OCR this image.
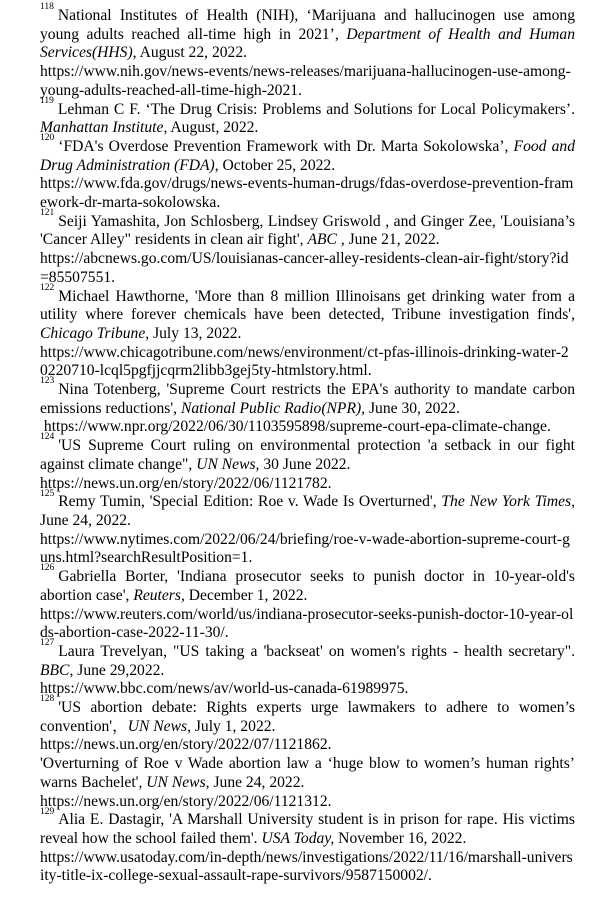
$^{118}$ National Institutes of Health (NIH), ‘Marijuana and hallucinogen use among young adults reached all-time high in 2021’, Department of Health and Human Services(HHS), August 22, 2022.

https://www.nih.gov/news-events/news-releases/marijuana-hallucinogen-use-among-young-adults-reached-all-time-high-2021.

$^{119}$ Lehman C F. ‘The Drug Crisis: Problems and Solutions for Local Policymakers’. Manhattan Institute, August, 2022.

$^{120}$ ‘FDA's Overdose Prevention Framework with Dr. Marta Sokolowska’, Food and Drug Administration (FDA), October 25, 2022.

https://www.fda.gov/drugs/news-events-human-drugs/fdas-overdose-prevention-framework-dr-marta-sokolowska.

$^{121}$ Seiji Yamashita, Jon Schlosberg, Lindsey Griswold , and Ginger Zee, 'Louisiana’s 'Cancer Alley" residents in clean air fight', ABC , June 21, 2022.

https://abcnews.go.com/US/louisianas-cancer-alley-residents-clean-air-fight/story?id=85507551.

$^{122}$ Michael Hawthorne, 'More than 8 million Illinoisans get drinking water from a utility where forever chemicals have been detected, Tribune investigation finds', Chicago Tribune, July 13, 2022.

https://www.chicagotribune.com/news/environment/ct-pfas-illinois-drinking-water-20220710-lcql5pgfjjcqrm2libb3gej5ty-htmlstory.html.

$^{123}$ Nina Totenberg, 'Supreme Court restricts the EPA's authority to mandate carbon emissions reductions', National Public Radio(NPR), June 30, 2022.

https://www.npr.org/2022/06/30/1103595898/supreme-court-epa-climate-change.

$^{124}$ 'US Supreme Court ruling on environmental protection 'a setback in our fight against climate change", UN News, 30 June 2022.

https://news.un.org/en/story/2022/06/1121782.

$^{125}$ Remy Tumin, 'Special Edition: Roe v. Wade Is Overturned', The New York Times, June 24, 2022.

https://www.nytimes.com/2022/06/24/briefing/roe-v-wade-abortion-supreme-court-guns.html?searchResultPosition=1.

$^{126}$ Gabriella Borter, 'Indiana prosecutor seeks to punish doctor in 10-year-old's abortion case', Reuters, December 1, 2022.

https://www.reuters.com/world/us/indiana-prosecutor-seeks-punish-doctor-10-year-olds-abortion-case-2022-11-30/.

$^{127}$ Laura Trevelyan, "US taking a 'backseat' on women's rights - health secretary". BBC, June 29,2022.

https://www.bbc.com/news/av/world-us-canada-61989975.

$^{128}$ 'US abortion debate: Rights experts urge lawmakers to adhere to women’s convention'，UN News, July 1, 2022.

https://news.un.org/en/story/2022/07/1121862.

'Overturning of Roe v Wade abortion law a ‘huge blow to women’s human rights’ warns Bachelet', UN News, June 24, 2022.

https://news.un.org/en/story/2022/06/1121312.

$^{129}$ Alia E. Dastagir, 'A Marshall University student is in prison for rape. His victims reveal how the school failed them'. USA Today, November 16, 2022.

https://www.usatoday.com/in-depth/news/investigations/2022/11/16/marshall-university-title-ix-college-sexual-assault-rape-survivors/9587150002/.
